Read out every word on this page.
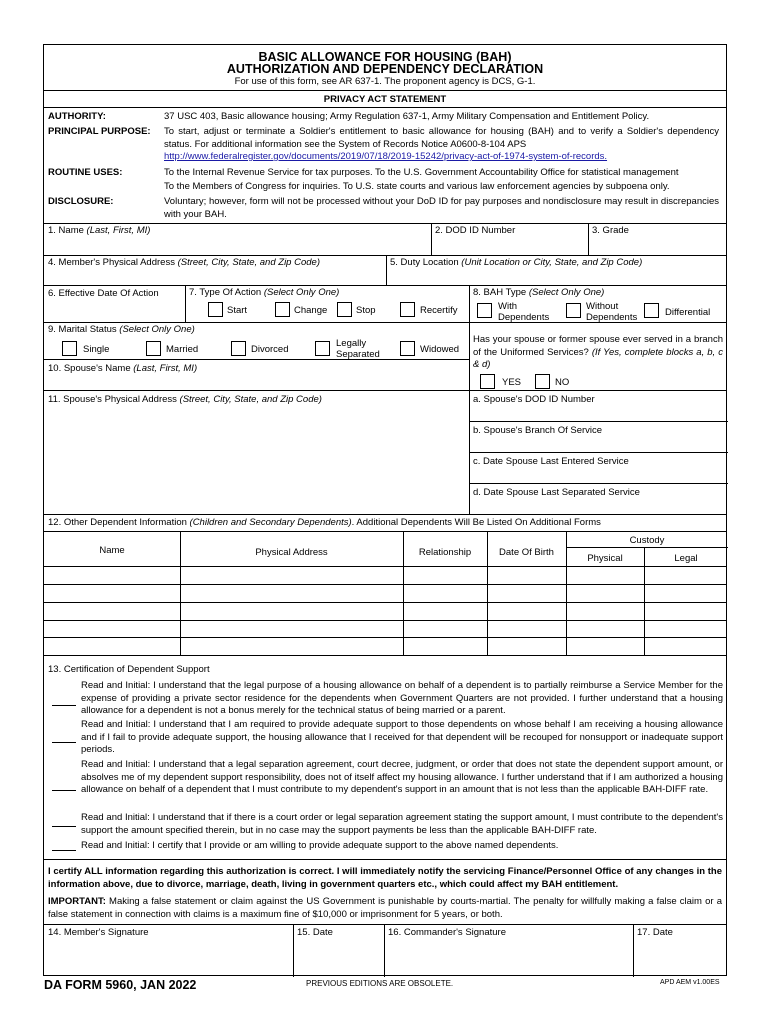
BASIC ALLOWANCE FOR HOUSING (BAH)
AUTHORIZATION AND DEPENDENCY DECLARATION
For use of this form, see AR 637-1. The proponent agency is DCS, G-1.
PRIVACY ACT STATEMENT
AUTHORITY:	37 USC 403, Basic allowance housing; Army Regulation 637-1, Army Military Compensation and Entitlement Policy.
PRINCIPAL PURPOSE: To start, adjust or terminate a Soldier's entitlement to basic allowance for housing (BAH) and to verify a Soldier's dependency status. For additional information see the System of Records Notice A0600-8-104 APS
http://www.federalregister.gov/documents/2019/07/18/2019-15242/privacy-act-of-1974-system-of-records.
ROUTINE USES:	To the Internal Revenue Service for tax purposes. To the U.S. Government Accountability Office for statistical management
To the Members of Congress for inquiries. To U.S. state courts and various law enforcement agencies by subpoena only.
DISCLOSURE:	Voluntary; however, form will not be processed without your DoD ID for pay purposes and nondisclosure may result in discrepancies with your BAH.
1. Name (Last, First, MI)	2. DOD ID Number	3. Grade
4. Member's Physical Address (Street, City, State, and Zip Code)	5. Duty Location (Unit Location or City, State, and Zip Code)
6. Effective Date Of Action	7. Type Of Action (Select Only One)
Start	Change	Stop	Recertify
8. BAH Type (Select Only One)
With
Dependents
Without
Dependents	Differential
9. Marital Status (Select Only One)
Single	Married	Divorced
Legally
Separated	Widowed
Has your spouse or former spouse ever served in a branch of the Uniformed Services? (If Yes, complete blocks a, b, c & d)
YES	NO
10. Spouse's Name (Last, First, MI)
11. Spouse's Physical Address (Street, City, State, and Zip Code)	a. Spouse's DOD ID Number
b. Spouse's Branch Of Service
c. Date Spouse Last Entered Service
d. Date Spouse Last Separated Service
12. Other Dependent Information (Children and Secondary Dependents). Additional Dependents Will Be Listed On Additional Forms
Name	Physical Address	Relationship	Date Of Birth
Custody
Physical	Legal
13. Certification of Dependent Support
Read and Initial: I understand that the legal purpose of a housing allowance on behalf of a dependent is to partially reimburse a Service Member for the expense of providing a private sector residence for the dependents when Government Quarters are not provided. I further understand that a housing allowance for a dependent is not a bonus merely for the technical status of being married or a parent.
Read and Initial: I understand that I am required to provide adequate support to those dependents on whose behalf I am receiving a housing allowance and if I fail to provide adequate support, the housing allowance that I received for that dependent will be recouped for nonsupport or inadequate support periods.
Read and Initial: I understand that a legal separation agreement, court decree, judgment, or order that does not state the dependent support amount, or absolves me of my dependent support responsibility, does not of itself affect my housing allowance. I further understand that if I am authorized a housing allowance on behalf of a dependent that I must contribute to my dependent's support in an amount that is not less than the applicable BAH-DIFF rate.
Read and Initial: I understand that if there is a court order or legal separation agreement stating the support amount, I must contribute to the dependent's support the amount specified therein, but in no case may the support payments be less than the applicable BAH-DIFF rate.
Read and Initial: I certify that I provide or am willing to provide adequate support to the above named dependents.
I certify ALL information regarding this authorization is correct. I will immediately notify the servicing Finance/Personnel Office of any changes in the information above, due to divorce, marriage, death, living in government quarters etc., which could affect my BAH entitlement.
IMPORTANT: Making a false statement or claim against the US Government is punishable by courts-martial. The penalty for willfully making a false claim or a false statement in connection with claims is a maximum fine of $10,000 or imprisonment for 5 years, or both.
14. Member's Signature	15. Date	16. Commander's Signature	17. Date
DA FORM 5960, JAN 2022	PREVIOUS EDITIONS ARE OBSOLETE.	APD AEM v1.00ES
